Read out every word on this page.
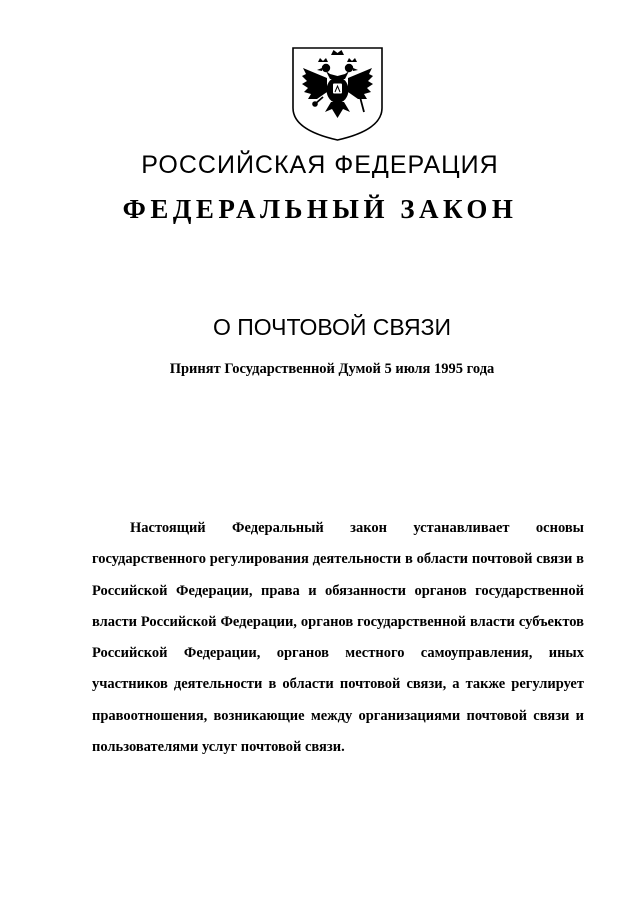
РОССИЙСКАЯ ФЕДЕРАЦИЯ
ФЕДЕРАЛЬНЫЙ ЗАКОН
О ПОЧТОВОЙ СВЯЗИ
Принят Государственной Думой 5 июля 1995 года

Настоящий Федеральный закон устанавливает основы государственного регулирования деятельности в области почтовой связи в Российской Федерации, права и обязанности органов государственной власти Российской Федерации, органов государственной власти субъектов Российской Федерации, органов местного самоуправления, иных участников деятельности в области почтовой связи, а также регулирует правоотношения, возникающие между организациями почтовой связи и пользователями услуг почтовой связи.
